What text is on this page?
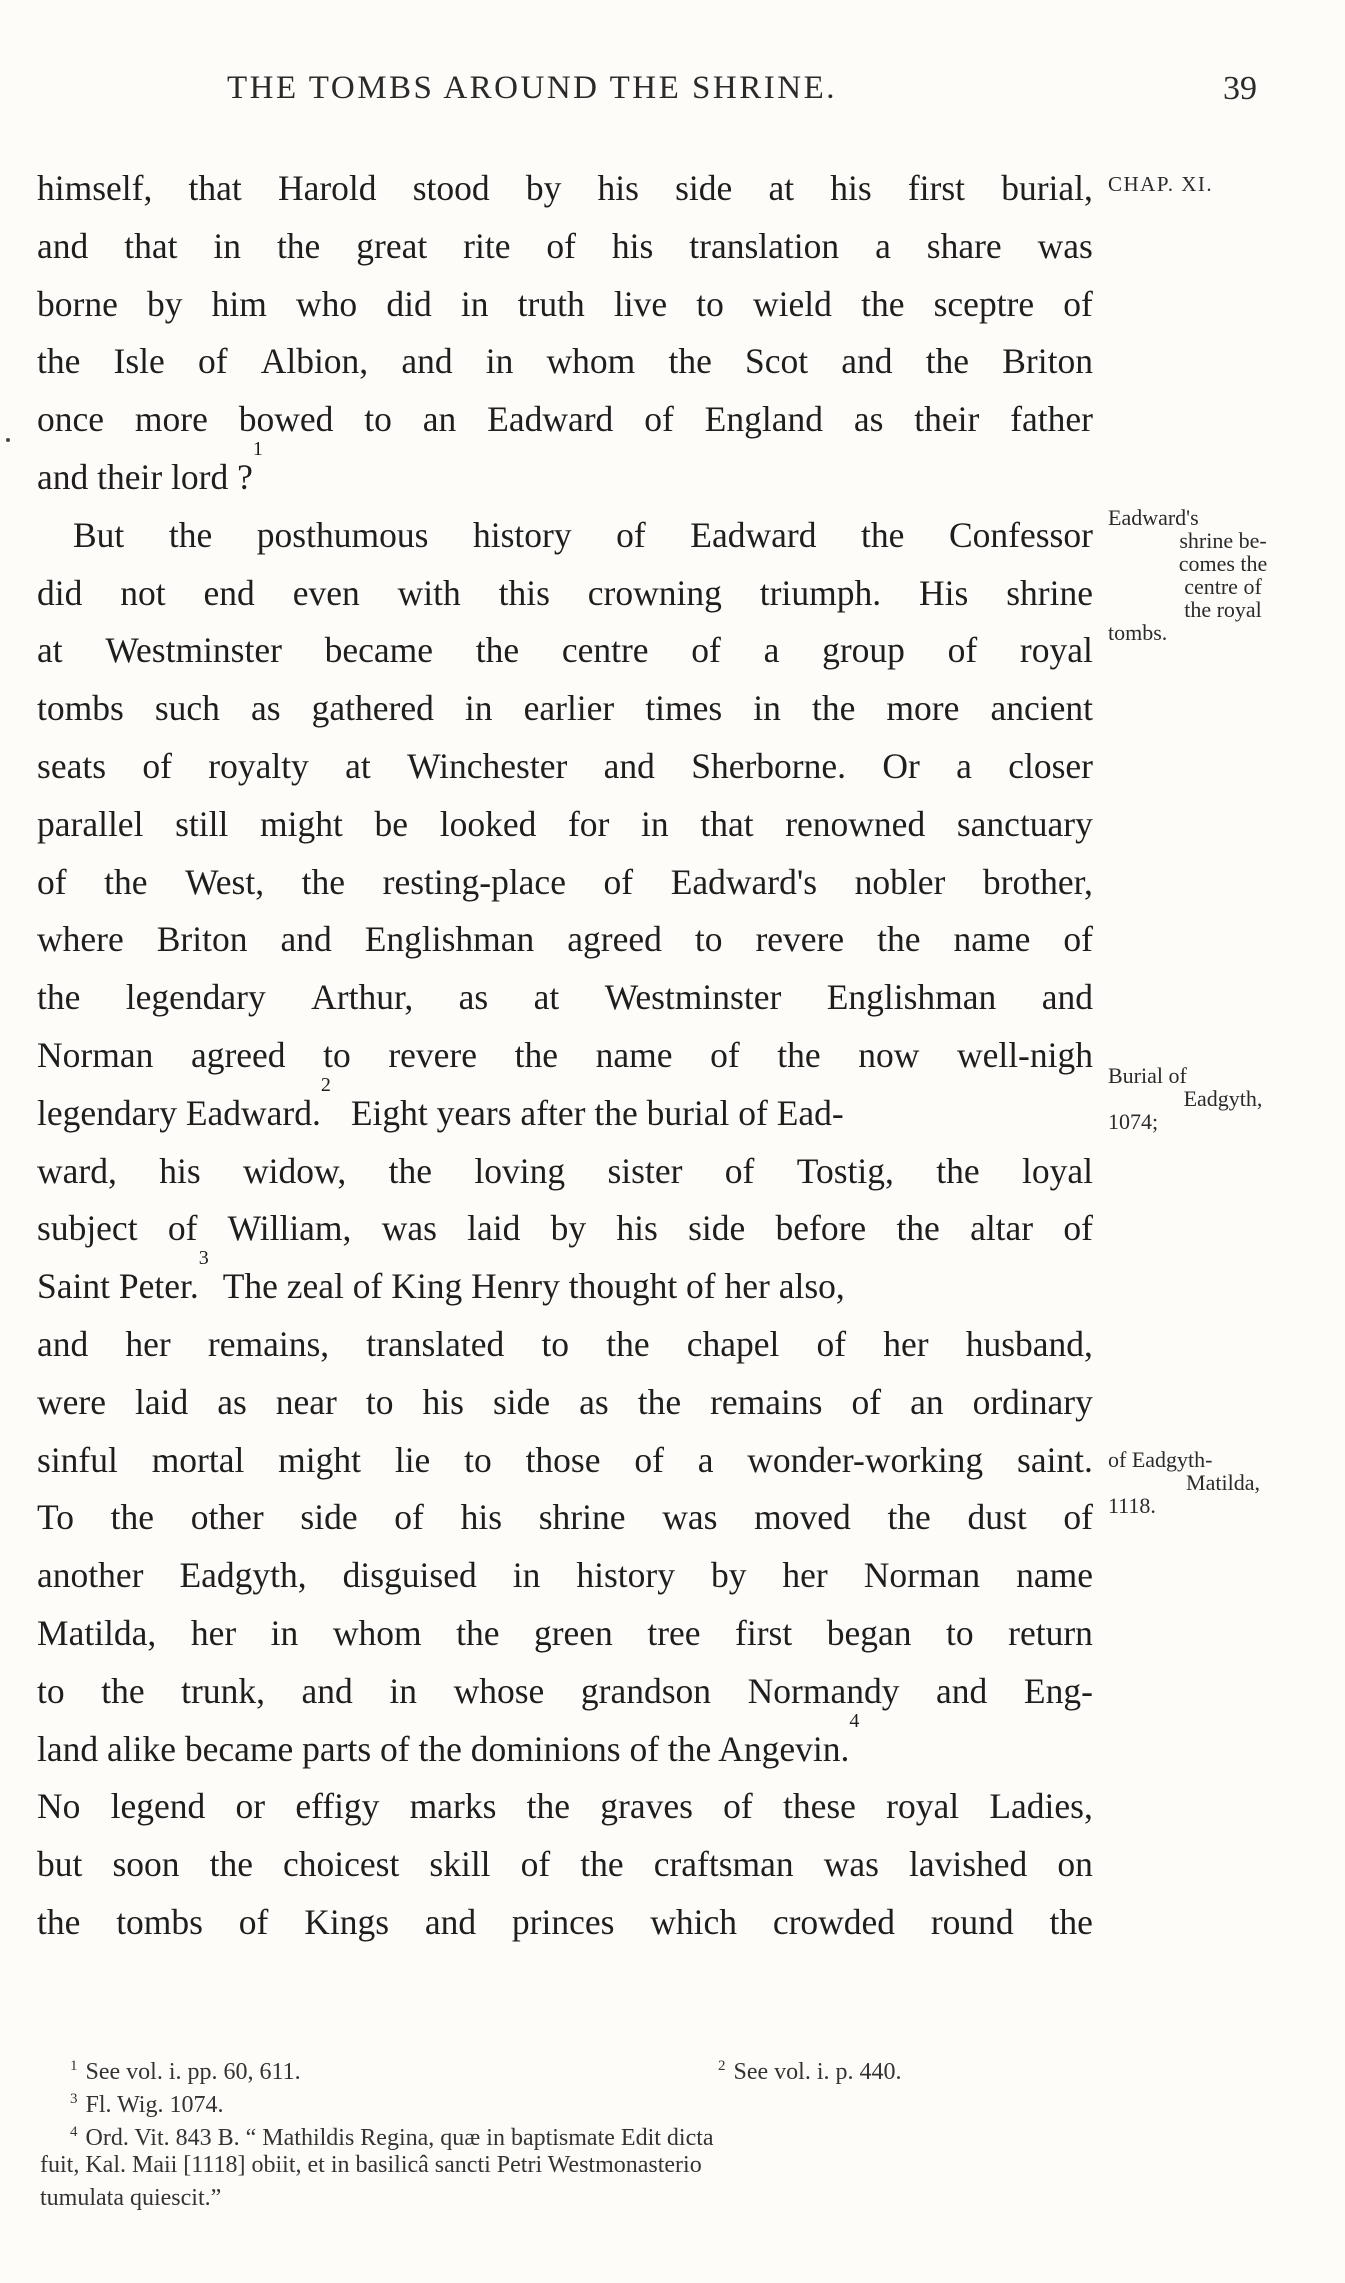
THE TOMBS AROUND THE SHRINE.	39
CHAP. XI.
Eadward's
shrine be-
comes the
centre of
the royal
tombs.
Burial of
Eadgyth,
1074;
of Eadgyth-
Matilda,
1118.
himself, that Harold stood by his side at his first burial,
and that in the great rite of his translation a share was
borne by him who did in truth live to wield the sceptre of
the Isle of Albion, and in whom the Scot and the Briton
once more bowed to an Eadward of England as their father
and their lord ?
1
But the posthumous history of Eadward the Confessor
did not end even with this crowning triumph. His shrine
at Westminster became the centre of a group of royal
tombs such as gathered in earlier times in the more ancient
seats of royalty at Winchester and Sherborne. Or a closer
parallel still might be looked for in that renowned sanctuary
of the West, the resting-place of Eadward's nobler brother,
where Briton and Englishman agreed to revere the name of
the legendary Arthur, as at Westminster Englishman and
Norman agreed to revere the name of the now well-nigh
legendary Eadward.
2
Eight years after the burial of Ead-
ward, his widow, the loving sister of Tostig, the loyal
subject of William, was laid by his side before the altar of
Saint Peter.
3
The zeal of King Henry thought of her also,
and her remains, translated to the chapel of her husband,
were laid as near to his side as the remains of an ordinary
sinful mortal might lie to those of a wonder-working saint.
To the other side of his shrine was moved the dust of
another Eadgyth, disguised in history by her Norman name
Matilda, her in whom the green tree first began to return
to the trunk, and in whose grandson Normandy and Eng-
land alike became parts of the dominions of the Angevin.
4
No legend or effigy marks the graves of these royal Ladies,
but soon the choicest skill of the craftsman was lavished on
the tombs of Kings and princes which crowded round the
$^1$ See vol. i. pp. 60, 611.	$^2$ See vol. i. p. 440.
$^3$ Fl. Wig. 1074.
$^4$ Ord. Vit. 843 B. “ Mathildis Regina, quæ in baptismate Edit dicta
fuit, Kal. Maii [1118] obiit, et in basilicâ sancti Petri Westmonasterio
tumulata quiescit.”
